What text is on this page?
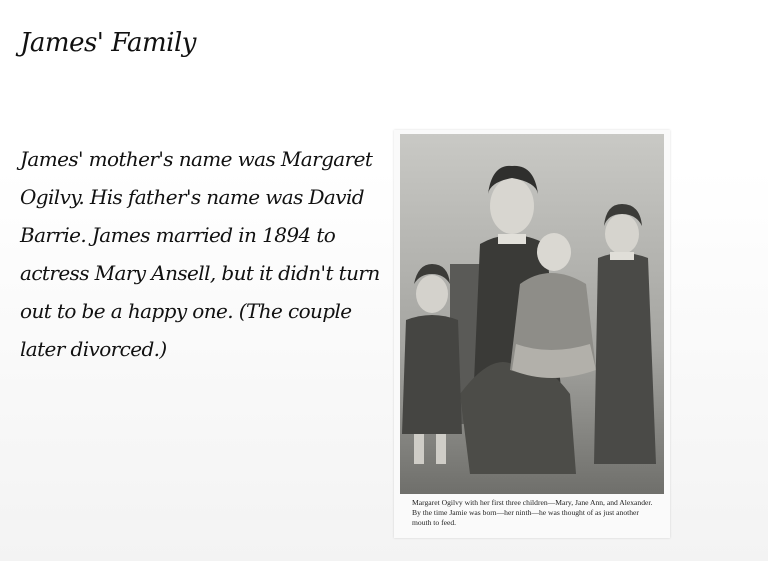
James' Family
James' mother's name was Margaret Ogilvy. His father's name was David Barrie. James married in 1894 to actress Mary Ansell, but it didn't turn out to be a happy one. (The couple later divorced.)
Margaret Ogilvy with her first three children—Mary, Jane Ann, and Alexander. By the time Jamie was born—her ninth—he was thought of as just another mouth to feed.
